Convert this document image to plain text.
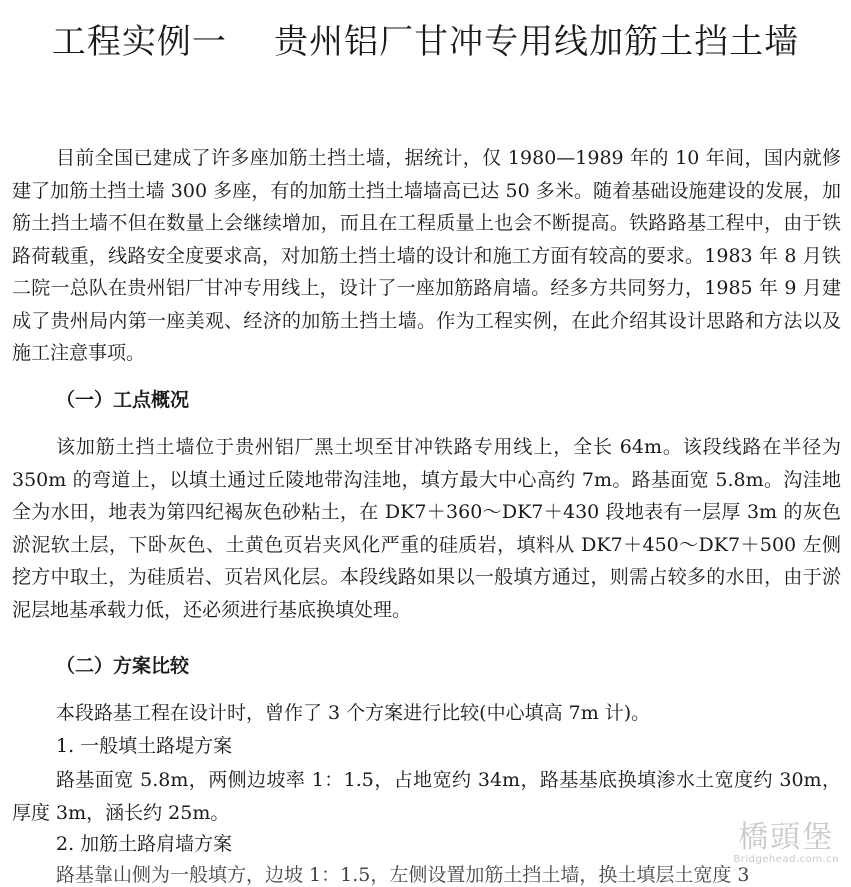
工程实例一    贵州铝厂甘冲专用线加筋土挡土墙

目前全国已建成了许多座加筋土挡土墙，据统计，仅 1980—1989 年的 10 年间，国内就修建了加筋土挡土墙 300 多座，有的加筋土挡土墙墙高已达 50 多米。随着基础设施建设的发展，加筋土挡土墙不但在数量上会继续增加，而且在工程质量上也会不断提高。铁路路基工程中，由于铁路荷载重，线路安全度要求高，对加筋土挡土墙的设计和施工方面有较高的要求。1983 年 8 月铁二院一总队在贵州铝厂甘冲专用线上，设计了一座加筋路肩墙。经多方共同努力，1985 年 9 月建成了贵州局内第一座美观、经济的加筋土挡土墙。作为工程实例，在此介绍其设计思路和方法以及施工注意事项。

（一）工点概况

该加筋土挡土墙位于贵州铝厂黑土坝至甘冲铁路专用线上，全长 64m。该段线路在半径为 350m 的弯道上，以填土通过丘陵地带沟洼地，填方最大中心高约 7m。路基面宽 5.8m。沟洼地全为水田，地表为第四纪褐灰色砂粘土，在 DK7＋360～DK7＋430 段地表有一层厚 3m 的灰色淤泥软土层，下卧灰色、土黄色页岩夹风化严重的硅质岩，填料从 DK7＋450～DK7＋500 左侧挖方中取土，为硅质岩、页岩风化层。本段线路如果以一般填方通过，则需占较多的水田，由于淤泥层地基承载力低，还必须进行基底换填处理。

（二）方案比较

本段路基工程在设计时，曾作了 3 个方案进行比较(中心填高 7m 计)。

1. 一般填土路堤方案

路基面宽 5.8m，两侧边坡率 1：1.5，占地宽约 34m，路基基底换填渗水土宽度约 30m，厚度 3m，涵长约 25m。

2. 加筋土路肩墙方案

路基靠山侧为一般填方，边坡 1：1.5，左侧设置加筋土挡土墙，换土填层土宽度 3

橋頭堡
Bridgehead.com.cn
